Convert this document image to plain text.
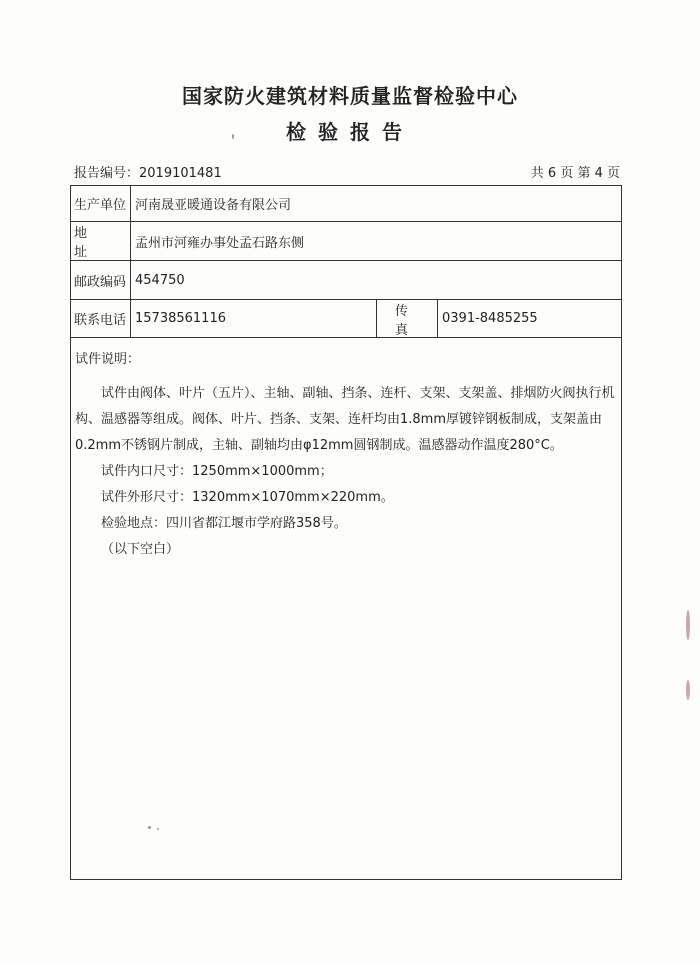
国家防火建筑材料质量监督检验中心
检验报告
报告编号：2019101481	共 6 页 第 4 页
生产单位 河南晟亚暖通设备有限公司
地址
孟州市河雍办事处孟石路东侧
邮政编码 454750
联系电话 15738561116	传真
0391-8485255

试件说明：

试件由阀体、叶片（五片）、主轴、副轴、挡条、连杆、支架、支架盖、排烟防火阀执行机构、温感器等组成。阀体、叶片、挡条、支架、连杆均由1.8mm厚镀锌钢板制成，支架盖由0.2mm不锈钢片制成，主轴、副轴均由φ12mm圆钢制成。温感器动作温度280°C。

试件内口尺寸：1250mm×1000mm；

试件外形尺寸：1320mm×1070mm×220mm。

检验地点：四川省都江堰市学府路358号。

（以下空白）
